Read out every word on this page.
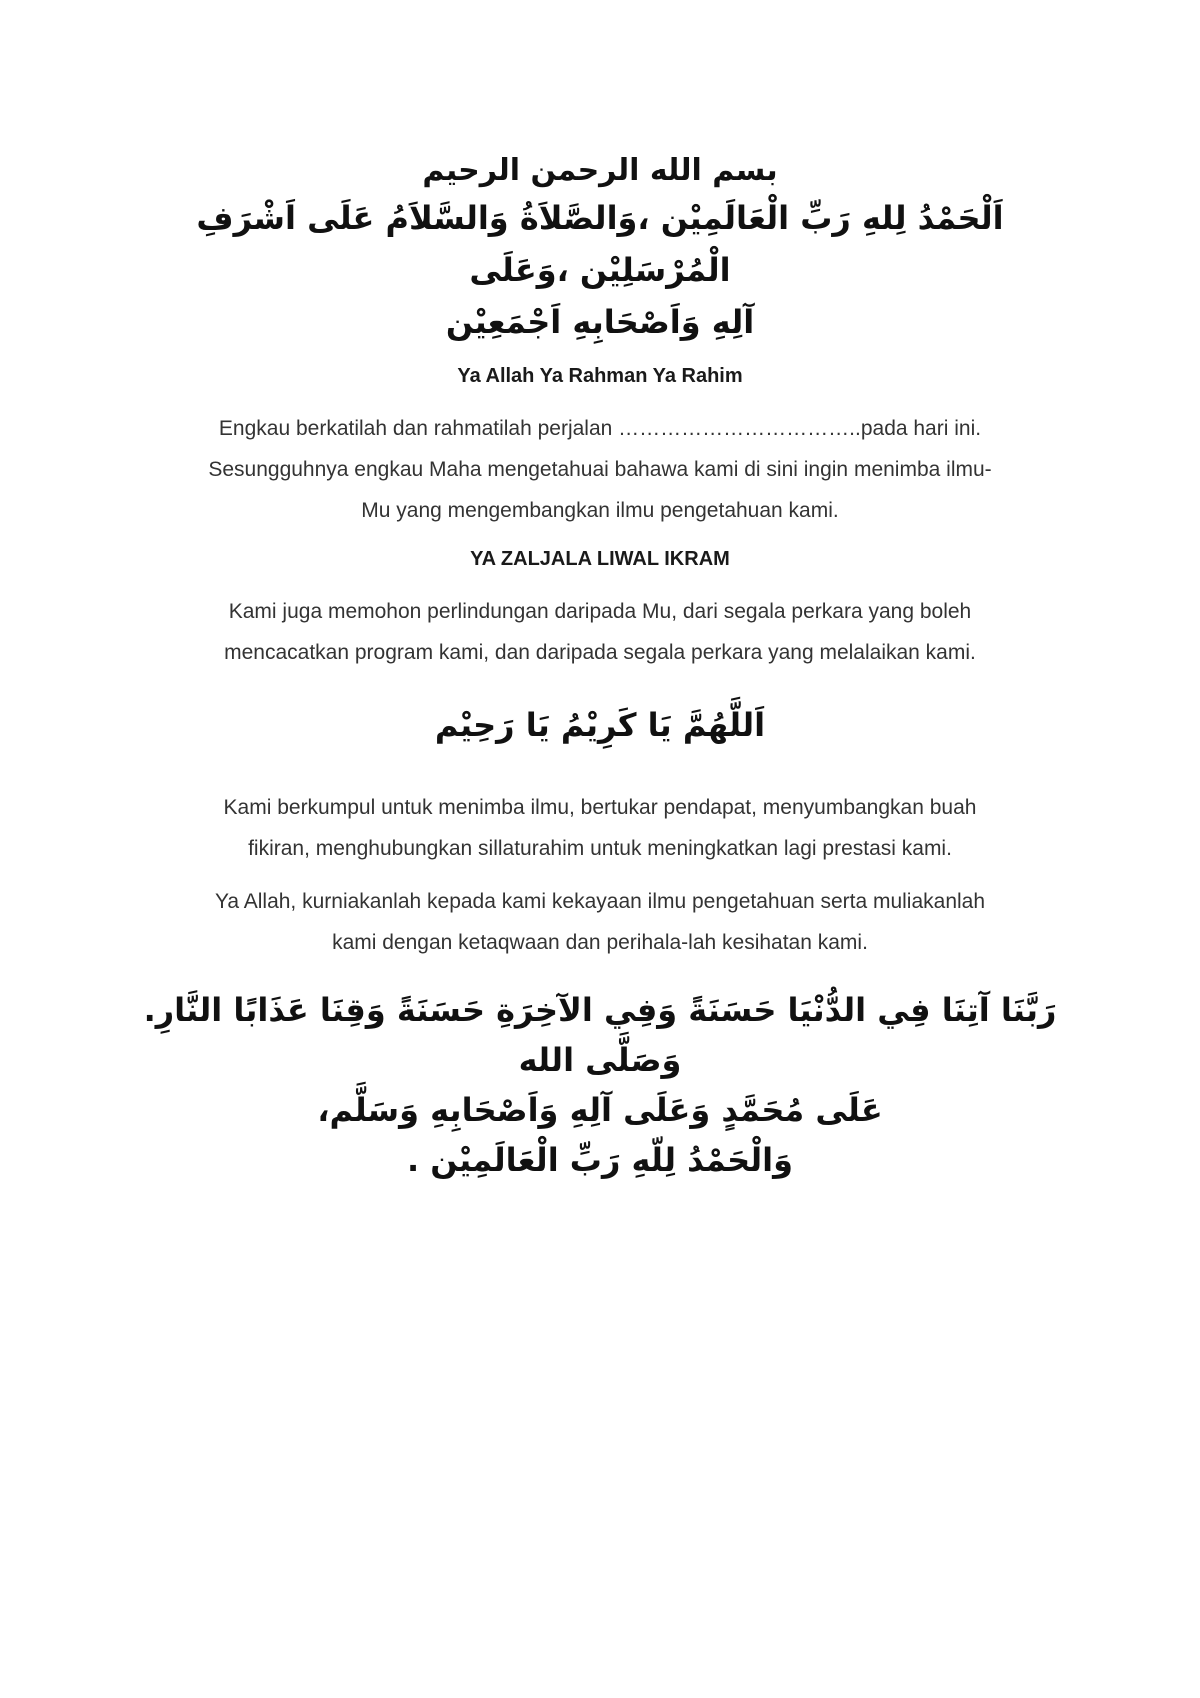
بسم الله الرحمن الرحيم
اَلْحَمْدُ لِلهِ رَبِّ الْعَالَمِيْن ،وَالصَّلاَةُ وَالسَّلاَمُ عَلَى اَشْرَفِ الْمُرْسَلِيْن ،وَعَلَى
آلِهِ وَاَصْحَابِهِ اَجْمَعِيْن
Ya Allah Ya Rahman Ya Rahim

Engkau berkatilah dan rahmatilah perjalan ……………………………..pada hari ini.
Sesungguhnya engkau Maha mengetahuai bahawa kami di sini ingin menimba ilmu-
Mu yang mengembangkan ilmu pengetahuan kami.

YA ZALJALA LIWAL IKRAM

Kami juga memohon perlindungan daripada Mu, dari segala perkara yang boleh
mencacatkan program kami, dan daripada segala perkara yang melalaikan kami.

اَللَّهُمَّ يَا كَرِيْمُ يَا رَحِيْم

Kami berkumpul untuk menimba ilmu, bertukar pendapat, menyumbangkan buah
fikiran, menghubungkan sillaturahim untuk meningkatkan lagi prestasi kami.

Ya Allah, kurniakanlah kepada kami kekayaan ilmu pengetahuan serta muliakanlah
kami dengan ketaqwaan dan perihala-lah kesihatan kami.

رَبَّنَا آتِنَا فِي الدُّنْيَا حَسَنَةً وَفِي الآخِرَةِ حَسَنَةً وَقِنَا عَذَابًا النَّارِ. وَصَلَّى الله
عَلَى مُحَمَّدٍ وَعَلَى آلِهِ وَاَصْحَابِهِ وَسَلَّم،
وَالْحَمْدُ لِلّهِ رَبِّ الْعَالَمِيْن .
